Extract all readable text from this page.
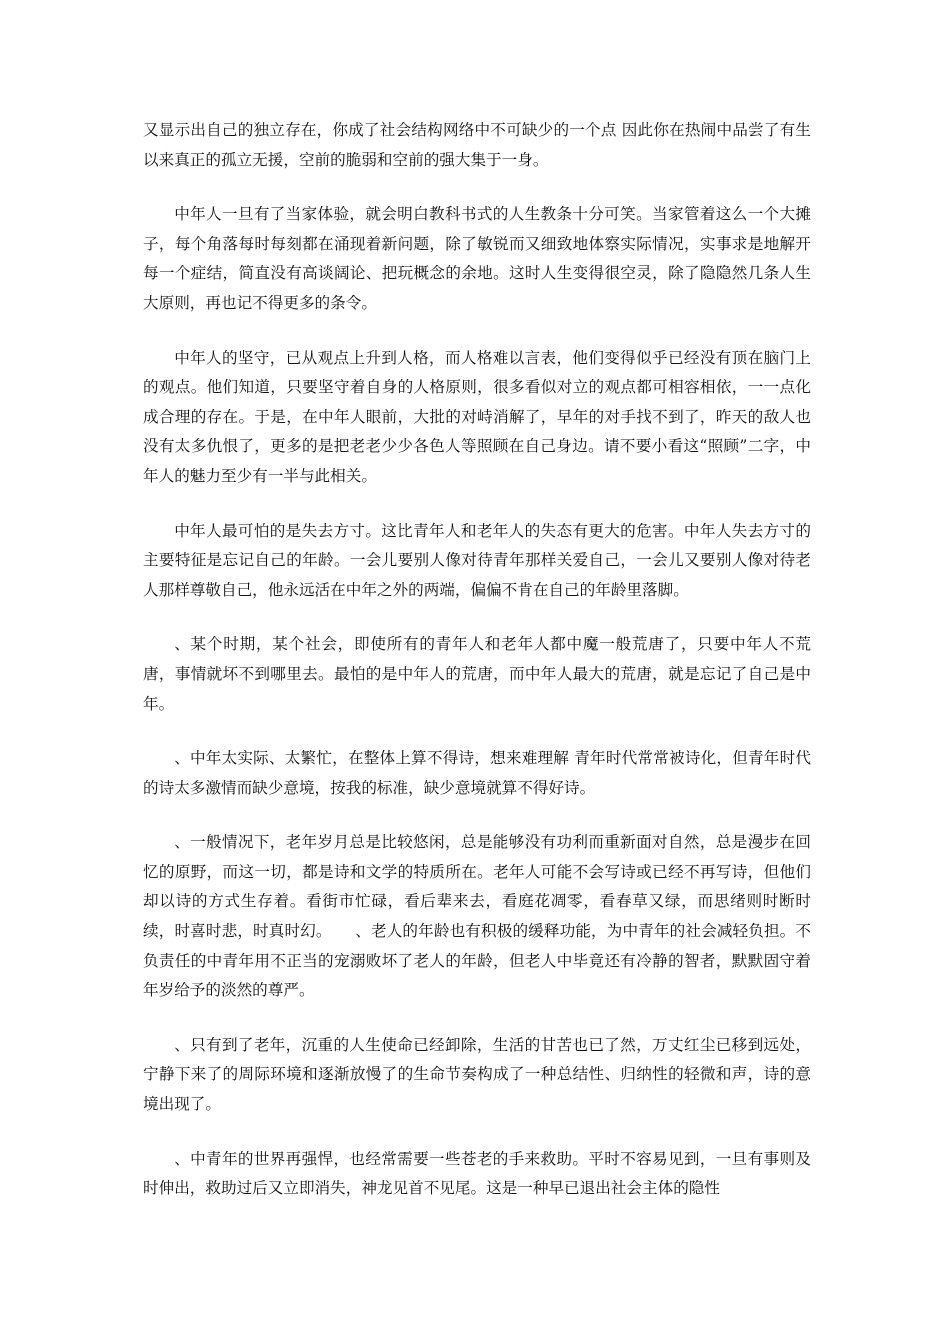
又显示出自己的独立存在，你成了社会结构网络中不可缺少的一个点 因此你在热闹中品尝了有生以来真正的孤立无援，空前的脆弱和空前的强大集于一身。

中年人一旦有了当家体验，就会明白教科书式的人生教条十分可笑。当家管着这么一个大摊子，每个角落每时每刻都在涌现着新问题，除了敏锐而又细致地体察实际情况，实事求是地解开每一个症结，简直没有高谈阔论、把玩概念的余地。这时人生变得很空灵，除了隐隐然几条人生大原则，再也记不得更多的条令。

中年人的坚守，已从观点上升到人格，而人格难以言表，他们变得似乎已经没有顶在脑门上的观点。他们知道，只要坚守着自身的人格原则，很多看似对立的观点都可相容相依，一一点化成合理的存在。于是，在中年人眼前，大批的对峙消解了，早年的对手找不到了，昨天的敌人也没有太多仇恨了，更多的是把老老少少各色人等照顾在自己身边。请不要小看这“照顾”二字，中年人的魅力至少有一半与此相关。

中年人最可怕的是失去方寸。这比青年人和老年人的失态有更大的危害。中年人失去方寸的主要特征是忘记自己的年龄。一会儿要别人像对待青年那样关爱自己，一会儿又要别人像对待老人那样尊敬自己，他永远活在中年之外的两端，偏偏不肯在自己的年龄里落脚。

、某个时期，某个社会，即使所有的青年人和老年人都中魔一般荒唐了，只要中年人不荒唐，事情就坏不到哪里去。最怕的是中年人的荒唐，而中年人最大的荒唐，就是忘记了自己是中年。

、中年太实际、太繁忙，在整体上算不得诗，想来难理解 青年时代常常被诗化，但青年时代的诗太多激情而缺少意境，按我的标准，缺少意境就算不得好诗。

、一般情况下，老年岁月总是比较悠闲，总是能够没有功利而重新面对自然，总是漫步在回忆的原野，而这一切，都是诗和文学的特质所在。老年人可能不会写诗或已经不再写诗，但他们却以诗的方式生存着。看街市忙碌，看后辈来去，看庭花凋零，看春草又绿，而思绪则时断时续，时喜时悲，时真时幻。　　、老人的年龄也有积极的缓释功能，为中青年的社会减轻负担。不负责任的中青年用不正当的宠溺败坏了老人的年龄，但老人中毕竟还有冷静的智者，默默固守着年岁给予的淡然的尊严。

、只有到了老年，沉重的人生使命已经卸除，生活的甘苦也已了然，万丈红尘已移到远处，宁静下来了的周际环境和逐渐放慢了的生命节奏构成了一种总结性、归纳性的轻微和声，诗的意境出现了。

、中青年的世界再强悍，也经常需要一些苍老的手来救助。平时不容易见到，一旦有事则及时伸出，救助过后又立即消失，神龙见首不见尾。这是一种早已退出社会主体的隐性
